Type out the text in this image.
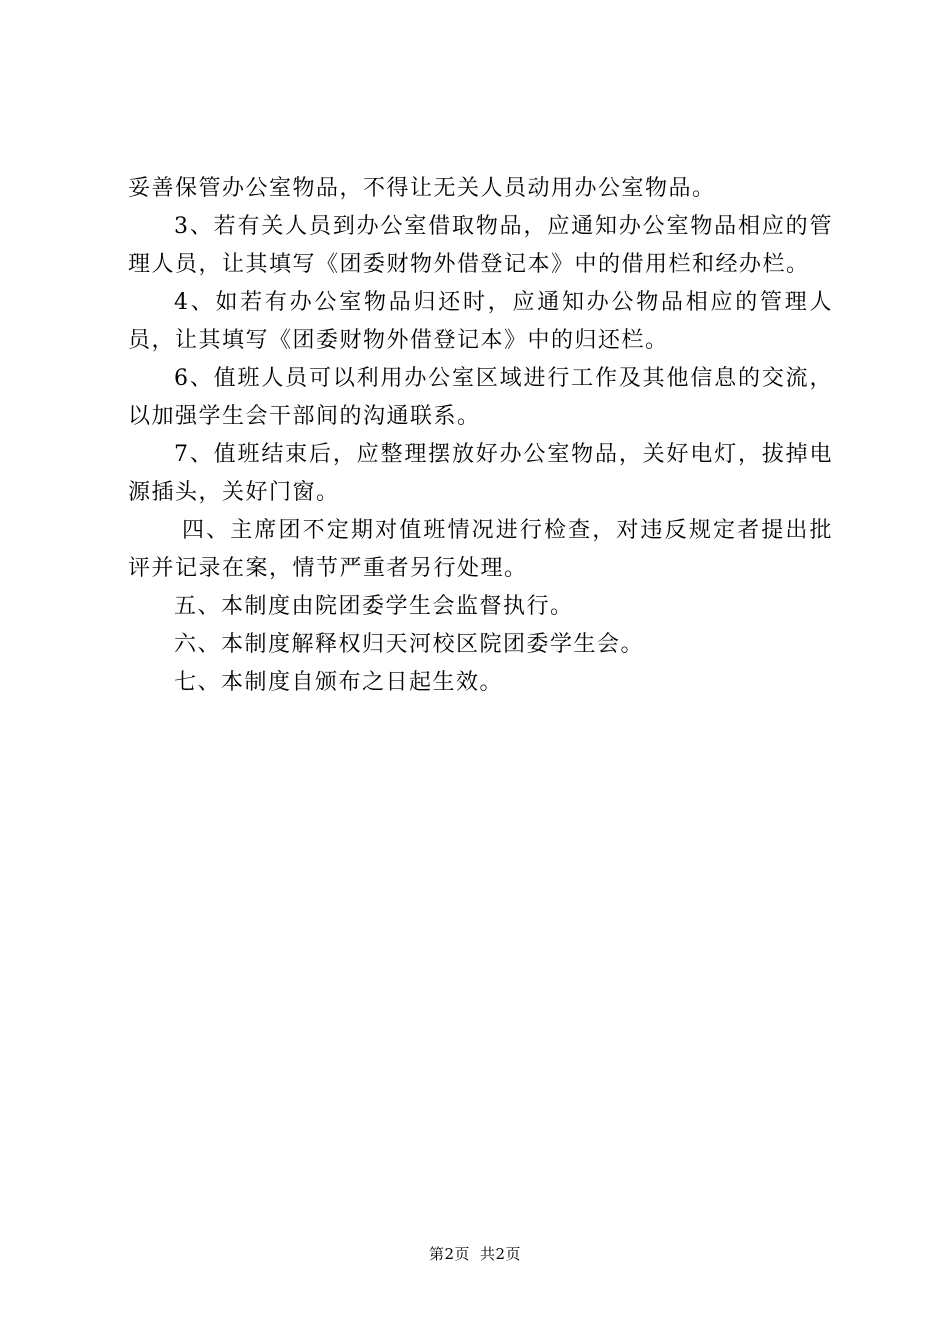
妥善保管办公室物品，不得让无关人员动用办公室物品。

3、若有关人员到办公室借取物品，应通知办公室物品相应的管理人员，让其填写《团委财物外借登记本》中的借用栏和经办栏。

4、如若有办公室物品归还时，应通知办公物品相应的管理人员，让其填写《团委财物外借登记本》中的归还栏。

6、值班人员可以利用办公室区域进行工作及其他信息的交流，以加强学生会干部间的沟通联系。

7、值班结束后，应整理摆放好办公室物品，关好电灯，拔掉电源插头，关好门窗。

四、主席团不定期对值班情况进行检查，对违反规定者提出批评并记录在案，情节严重者另行处理。

五、本制度由院团委学生会监督执行。

六、本制度解释权归天河校区院团委学生会。

七、本制度自颁布之日起生效。

第2页 共2页
